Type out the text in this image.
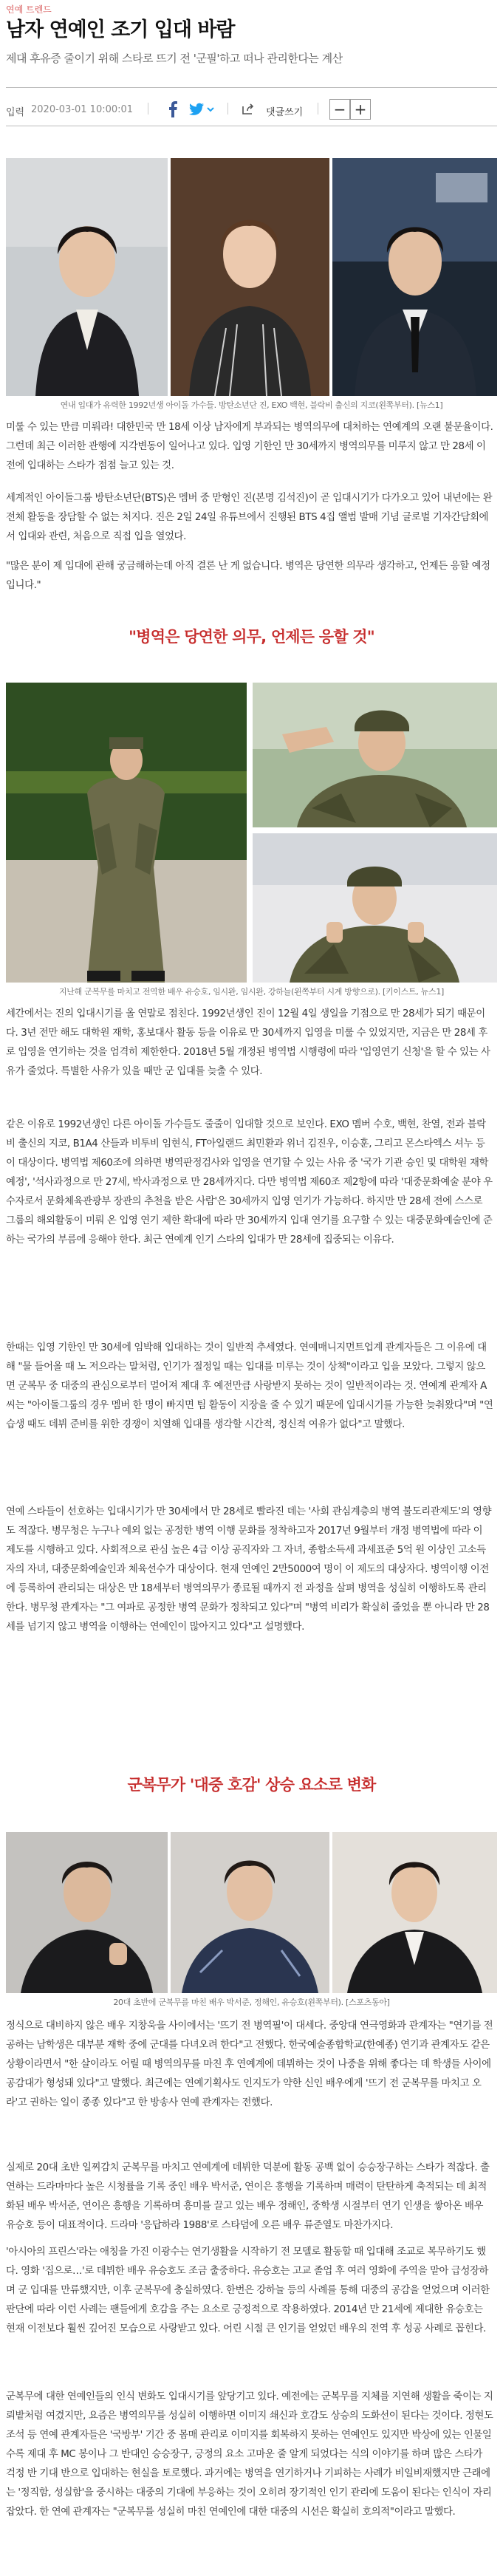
연예 트렌드
남자 연예인 조기 입대 바람
제대 후유증 줄이기 위해 스타로 뜨기 전 '군필'하고 떠나 관리한다는 계산
입력 2020-03-01 10:00:01	댓글쓰기 − +
연내 입대가 유력한 1992년생 아이돌 가수들. 방탄소년단 진, EXO 백현, 블락비 출신의 지코(왼쪽부터). [뉴스1]

미룰 수 있는 만큼 미뤄라! 대한민국 만 18세 이상 남자에게 부과되는 병역의무에 대처하는 연예계의 오랜 불문율이다. 그런데 최근 이러한 관행에 지각변동이 일어나고 있다. 입영 기한인 만 30세까지 병역의무를 미루지 않고 만 28세 이전에 입대하는 스타가 점점 늘고 있는 것.

세계적인 아이돌그룹 방탄소년단(BTS)은 멤버 중 맏형인 진(본명 김석진)이 곧 입대시기가 다가오고 있어 내년에는 완전체 활동을 장담할 수 없는 처지다. 진은 2일 24일 유튜브에서 진행된 BTS 4집 앨범 발매 기념 글로벌 기자간담회에서 입대와 관련, 처음으로 직접 입을 열었다.

"많은 분이 제 입대에 관해 궁금해하는데 아직 결론 난 게 없습니다. 병역은 당연한 의무라 생각하고, 언제든 응할 예정입니다."

"병역은 당연한 의무, 언제든 응할 것"
지난해 군복무를 마치고 전역한 배우 유승호, 임시완, 임시완, 강하늘(왼쪽부터 시계 방향으로). [키이스트, 뉴스1]

세간에서는 진의 입대시기를 올 연말로 점친다. 1992년생인 진이 12월 4일 생일을 기점으로 만 28세가 되기 때문이다. 3년 전만 해도 대학원 재학, 홍보대사 활동 등을 이유로 만 30세까지 입영을 미룰 수 있었지만, 지금은 만 28세 후로 입영을 연기하는 것을 엄격히 제한한다. 2018년 5월 개정된 병역법 시행령에 따라 '입영연기 신청'을 할 수 있는 사유가 줄었다. 특별한 사유가 있을 때만 군 입대를 늦출 수 있다.

같은 이유로 1992년생인 다른 아이돌 가수들도 줄줄이 입대할 것으로 보인다. EXO 멤버 수호, 백현, 찬열, 전과 블락비 출신의 지코, B1A4 산들과 비투비 임현식, FT아일랜드 최민환과 위너 김진우, 이승훈, 그리고 몬스타엑스 셔누 등이 대상이다. 병역법 제60조에 의하면 병역판정검사와 입영을 연기할 수 있는 사유 중 '국가 기관 승인 및 대학원 재학 예정', '석사과정으로 만 27세, 박사과정으로 만 28세까지다. 다만 병역법 제60조 제2항에 따라 '대중문화예술 분야 우수자로서 문화체육관광부 장관의 추천을 받은 사람'은 30세까지 입영 연기가 가능하다. 하지만 만 28세 전에 스스로 그룹의 해외활동이 미뤄 온 입영 연기 제한 확대에 따라 만 30세까지 입대 연기를 요구할 수 있는 대중문화예술인에 준하는 국가의 부름에 응해야 한다. 최근 연예계 인기 스타의 입대가 만 28세에 집중되는 이유다.

한때는 입영 기한인 만 30세에 임박해 입대하는 것이 일반적 추세였다. 연예매니지먼트업계 관계자들은 그 이유에 대해 "물 들어올 때 노 저으라는 말처럼, 인기가 절정일 때는 입대를 미루는 것이 상책"이라고 입을 모았다. 그렇지 않으면 군복무 중 대중의 관심으로부터 멀어져 제대 후 예전만큼 사랑받지 못하는 것이 일반적이라는 것. 연예계 관계자 A씨는 "아이돌그룹의 경우 멤버 한 명이 빠지면 팀 활동이 지장을 줄 수 있기 때문에 입대시기를 가능한 늦춰왔다"며 "연습생 때도 데뷔 준비를 위한 경쟁이 치열해 입대를 생각할 시간적, 정신적 여유가 없다"고 말했다.

연예 스타들이 선호하는 입대시기가 만 30세에서 만 28세로 빨라진 데는 '사회 관심계층의 병역 불도리관제도'의 영향도 적잖다. 병무청은 누구나 예외 없는 공정한 병역 이행 문화를 정착하고자 2017년 9월부터 개정 병역법에 따라 이 제도를 시행하고 있다. 사회적으로 관심 높은 4급 이상 공직자와 그 자녀, 종합소득세 과세표준 5억 원 이상인 고소득자의 자녀, 대중문화예술인과 체육선수가 대상이다. 현재 연예인 2만5000여 명이 이 제도의 대상자다. 병역이행 이전에 등록하여 관리되는 대상은 만 18세부터 병역의무가 종료될 때까지 전 과정을 살펴 병역을 성실히 이행하도록 관리한다. 병무청 관계자는 "그 여파로 공정한 병역 문화가 정착되고 있다"며 "병역 비리가 확실히 줄었을 뿐 아니라 만 28세를 넘기지 않고 병역을 이행하는 연예인이 많아지고 있다"고 설명했다.

군복무가 '대중 호감' 상승 요소로 변화
20대 초반에 군복무를 마친 배우 박서준, 정해인, 유승호(왼쪽부터). [스포츠동아]

정식으로 대비하지 않은 배우 지창욱을 사이에서는 '뜨기 전 병역필'이 대세다. 중앙대 연극영화과 관계자는 "연기를 전공하는 남학생은 대부분 재학 중에 군대를 다녀오려 한다"고 전했다. 한국예술종합학교(한예종) 연기과 관계자도 같은 상황이라면서 "한 살이라도 어릴 때 병역의무를 마친 후 연예계에 데뷔하는 것이 나중을 위해 좋다는 데 학생들 사이에 공감대가 형성돼 있다"고 말했다. 최근에는 연예기획사도 인지도가 약한 신인 배우에게 '뜨기 전 군복무를 마치고 오라'고 권하는 일이 종종 있다"고 한 방송사 연예 관계자는 전했다.

실제로 20대 초반 일찌감치 군복무를 마치고 연예계에 데뷔한 덕분에 활동 공백 없이 승승장구하는 스타가 적잖다. 출연하는 드라마마다 높은 시청률을 기록 중인 배우 박서준, 연이은 흥행을 기록하며 매력이 탄탄하게 축적되는 데 최적화된 배우 박서준, 연이은 흥행을 기록하며 흥미를 끌고 있는 배우 정해인, 중학생 시절부터 연기 인생을 쌓아온 배우 유승호 등이 대표적이다. 드라마 '응답하라 1988'로 스타덤에 오른 배우 류준열도 마찬가지다.

'아시아의 프린스'라는 애칭을 가진 이광수는 연기생활을 시작하기 전 모델로 활동할 때 입대해 조교로 복무하기도 했다. 영화 '집으로…'로 데뷔한 배우 유승호도 조금 출중하다. 유승호는 고교 졸업 후 여러 영화에 주역을 맡아 급성장하며 군 입대를 만류했지만, 이후 군복무에 충실하였다. 한번은 강하늘 등의 사례를 통해 대중의 공감을 얻었으며 이러한 판단에 따라 이런 사례는 팬들에게 호감을 주는 요소로 긍정적으로 작용하였다. 2014년 만 21세에 제대한 유승호는 현재 이전보다 훨씬 깊어진 모습으로 사랑받고 있다. 어린 시절 큰 인기를 얻었던 배우의 전역 후 성공 사례로 꼽힌다.

군복무에 대한 연예인들의 인식 변화도 입대시기를 앞당기고 있다. 예전에는 군복무를 지체를 지연해 생활을 죽이는 지뢰밭처럼 여겼지만, 요즘은 병역의무를 성실히 이행하면 이미지 쇄신과 호감도 상승의 도화선이 된다는 것이다. 정현도 조석 등 연예 관계자들은 '국방부' 기간 중 몸매 관리로 이미지를 회복하지 못하는 연예인도 있지만 박상에 있는 인물일수록 제대 후 MC 봉이나 그 반대인 승승장구, 긍정의 요소 고마운 줄 알게 되었다는 식의 이야기를 하며 많은 스타가 걱정 반 기대 반으로 입대하는 현실을 토로했다. 과거에는 병역을 연기하거나 기피하는 사례가 비일비재했지만 근래에는 '정직함, 성실함'을 중시하는 대중의 기대에 부응하는 것이 오히려 장기적인 인기 관리에 도움이 된다는 인식이 자리 잡았다. 한 연예 관계자는 "군복무를 성실히 마친 연예인에 대한 대중의 시선은 확실히 호의적"이라고 말했다.
